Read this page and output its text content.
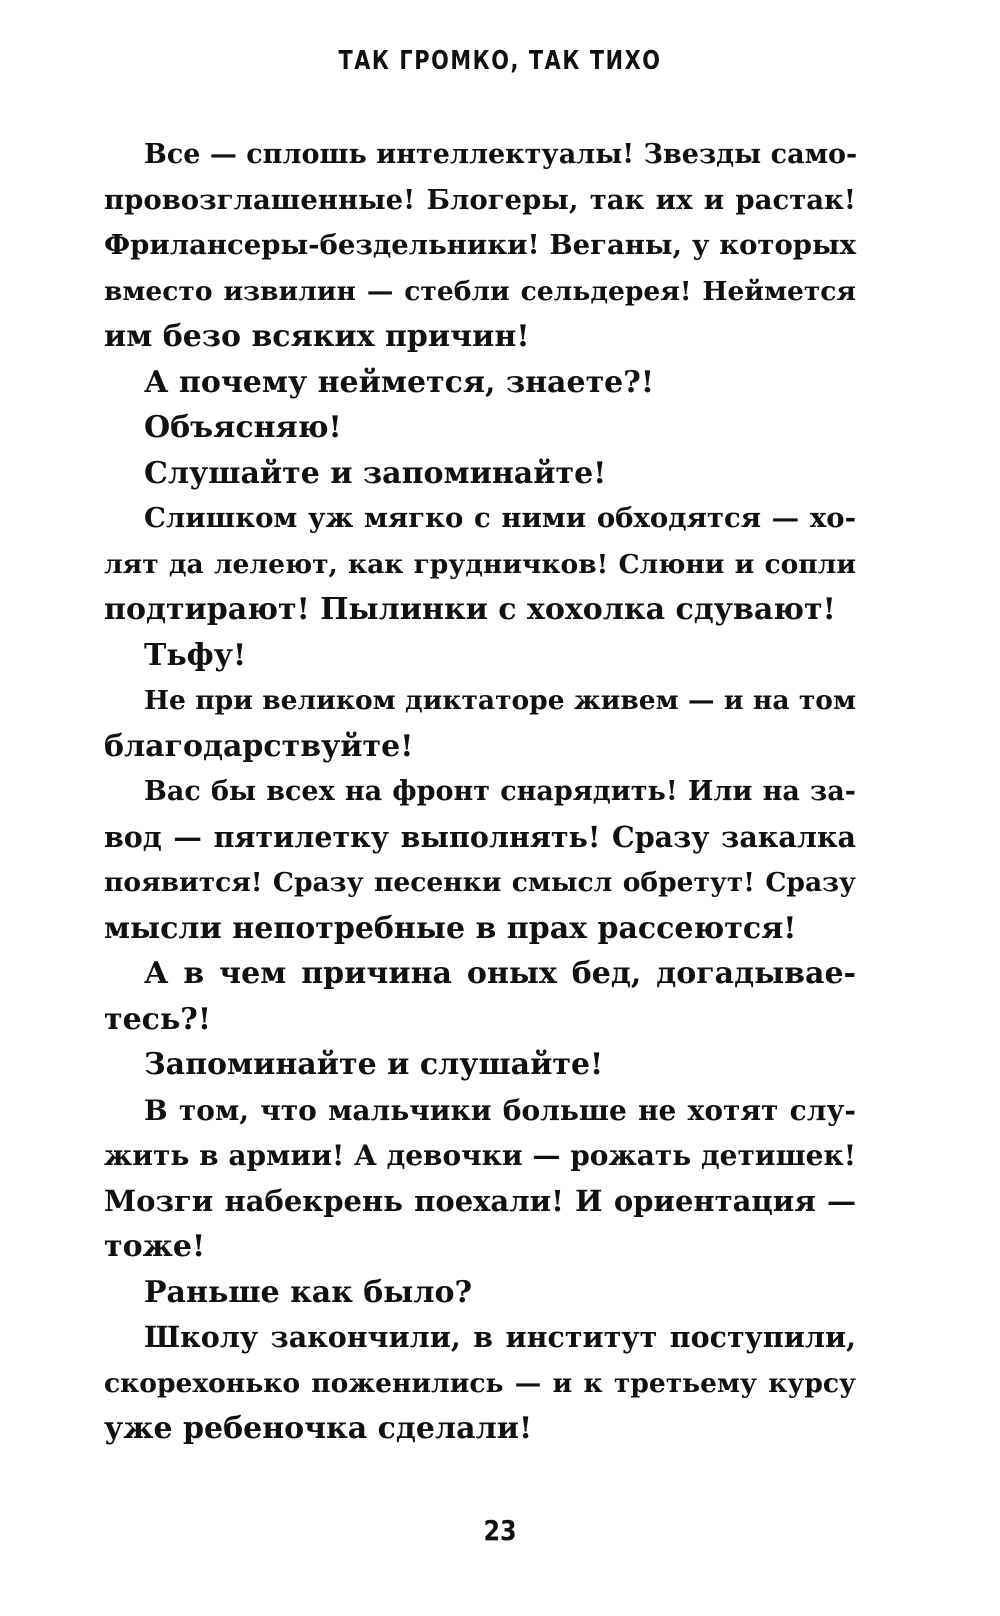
ТАК ГРОМКО, ТАК ТИХО
Все — сплошь интеллектуалы! Звезды само-
провозглашенные! Блогеры, так их и растак!
Фрилансеры-бездельники! Веганы, у которых
вместо извилин — стебли сельдерея! Неймется
им безо всяких причин!
А почему неймется, знаете?!
Объясняю!
Слушайте и запоминайте!
Слишком уж мягко с ними обходятся — хо-
лят да лелеют, как грудничков! Слюни и сопли
подтирают! Пылинки с хохолка сдувают!
Тьфу!
Не при великом диктаторе живем — и на том
благодарствуйте!
Вас бы всех на фронт снарядить! Или на за-
вод — пятилетку выполнять! Сразу закалка
появится! Сразу песенки смысл обретут! Сразу
мысли непотребные в прах рассеются!
А в чем причина оных бед, догадывае-
тесь?!
Запоминайте и слушайте!
В том, что мальчики больше не хотят слу-
жить в армии! А девочки — рожать детишек!
Мозги набекрень поехали! И ориентация —
тоже!
Раньше как было?
Школу закончили, в институт поступили,
скорехонько поженились — и к третьему курсу
уже ребеночка сделали!
23
